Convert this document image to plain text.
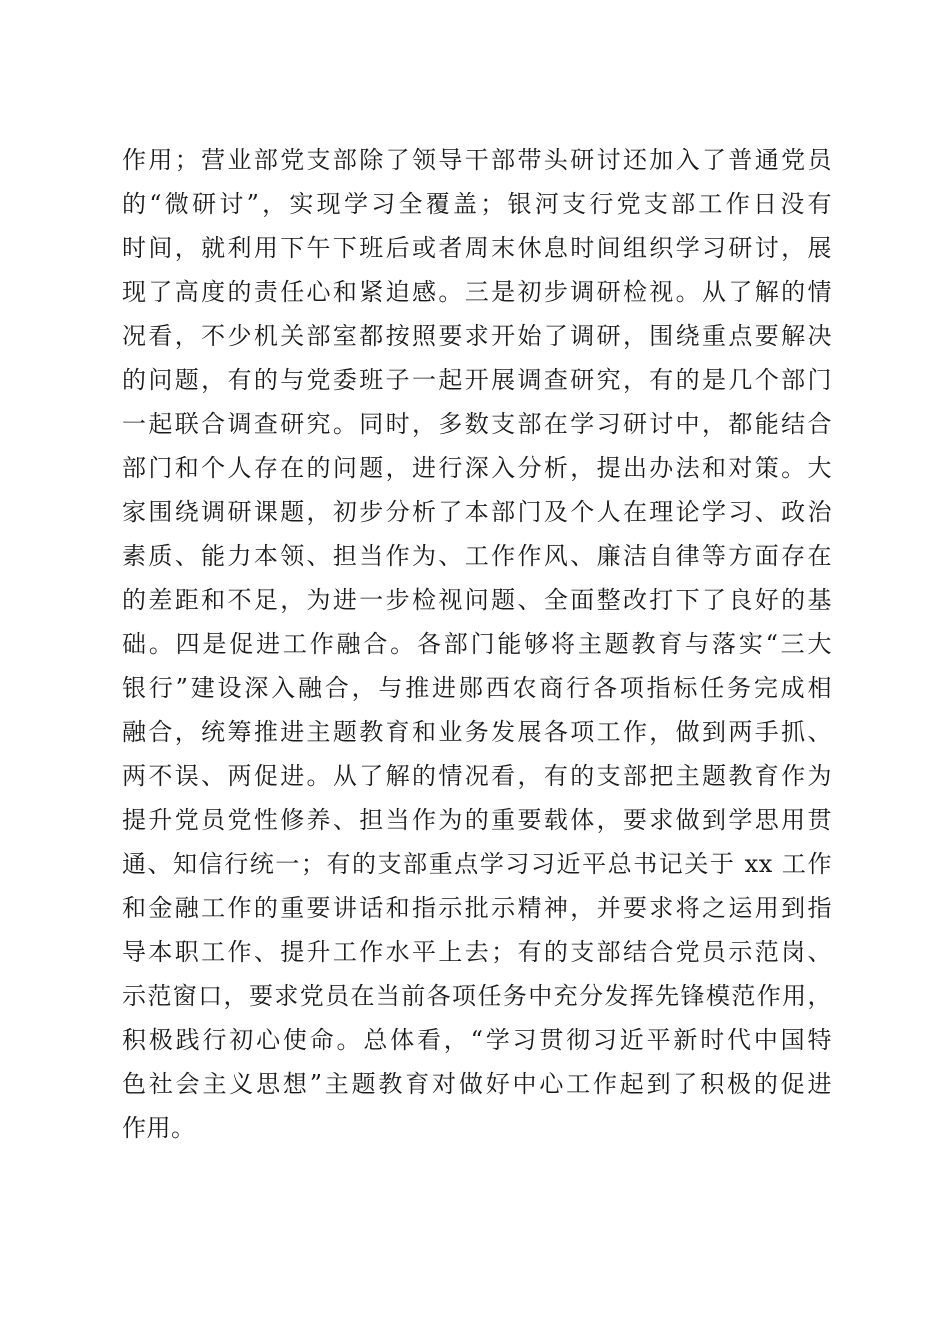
作用；营业部党支部除了领导干部带头研讨还加入了普通党员
的“微研讨”，实现学习全覆盖；银河支行党支部工作日没有
时间，就利用下午下班后或者周末休息时间组织学习研讨，展
现了高度的责任心和紧迫感。三是初步调研检视。从了解的情
况看，不少机关部室都按照要求开始了调研，围绕重点要解决
的问题，有的与党委班子一起开展调查研究，有的是几个部门
一起联合调查研究。同时，多数支部在学习研讨中，都能结合
部门和个人存在的问题，进行深入分析，提出办法和对策。大
家围绕调研课题，初步分析了本部门及个人在理论学习、政治
素质、能力本领、担当作为、工作作风、廉洁自律等方面存在
的差距和不足，为进一步检视问题、全面整改打下了良好的基
础。四是促进工作融合。各部门能够将主题教育与落实“三大
银行”建设深入融合，与推进郧西农商行各项指标任务完成相
融合，统筹推进主题教育和业务发展各项工作，做到两手抓、
两不误、两促进。从了解的情况看，有的支部把主题教育作为
提升党员党性修养、担当作为的重要载体，要求做到学思用贯
通、知信行统一；有的支部重点学习习近平总书记关于 xx 工作
和金融工作的重要讲话和指示批示精神，并要求将之运用到指
导本职工作、提升工作水平上去；有的支部结合党员示范岗、
示范窗口，要求党员在当前各项任务中充分发挥先锋模范作用，
积极践行初心使命。总体看，“学习贯彻习近平新时代中国特
色社会主义思想”主题教育对做好中心工作起到了积极的促进
作用。
